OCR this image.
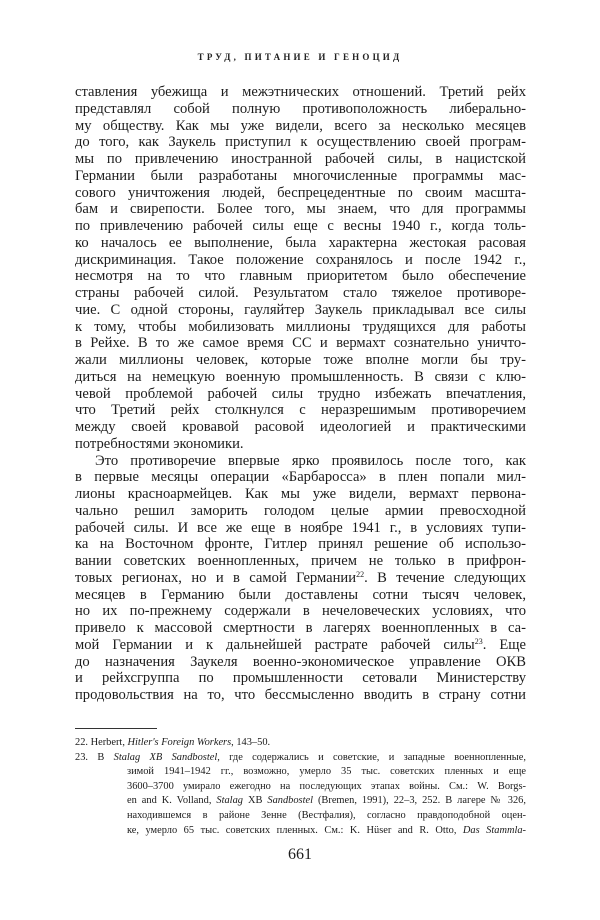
ТРУД, ПИТАНИЕ И ГЕНОЦИД
ставления убежища и межэтнических отношений. Третий рейх
представлял собой полную противоположность либерально-
му обществу. Как мы уже видели, всего за несколько месяцев
до того, как Заукель приступил к осуществлению своей програм-
мы по привлечению иностранной рабочей силы, в нацистской
Германии были разработаны многочисленные программы мас-
сового уничтожения людей, беспрецедентные по своим масшта-
бам и свирепости. Более того, мы знаем, что для программы
по привлечению рабочей силы еще с весны 1940 г., когда толь-
ко началось ее выполнение, была характерна жестокая расовая
дискриминация. Такое положение сохранялось и после 1942 г.,
несмотря на то что главным приоритетом было обеспечение
страны рабочей силой. Результатом стало тяжелое противоре-
чие. С одной стороны, гауляйтер Заукель прикладывал все силы
к тому, чтобы мобилизовать миллионы трудящихся для работы
в Рейхе. В то же самое время СС и вермахт сознательно уничто-
жали миллионы человек, которые тоже вполне могли бы тру-
диться на немецкую военную промышленность. В связи с клю-
чевой проблемой рабочей силы трудно избежать впечатления,
что Третий рейх столкнулся с неразрешимым противоречием
между своей кровавой расовой идеологией и практическими
потребностями экономики.
Это противоречие впервые ярко проявилось после того, как
в первые месяцы операции «Барбаросса» в плен попали мил-
лионы красноармейцев. Как мы уже видели, вермахт первона-
чально решил заморить голодом целые армии превосходной
рабочей силы. И все же еще в ноябре 1941 г., в условиях тупи-
ка на Восточном фронте, Гитлер принял решение об использо-
вании советских военнопленных, причем не только в прифрон-
товых регионах, но и в самой Германии$^{22}$. В течение следующих
месяцев в Германию были доставлены сотни тысяч человек,
но их по-прежнему содержали в нечеловеческих условиях, что
привело к массовой смертности в лагерях военнопленных в са-
мой Германии и к дальнейшей растрате рабочей силы$^{23}$. Еще
до назначения Заукеля военно-экономическое управление ОКВ
и рейхсгруппа по промышленности сетовали Министерству
продовольствия на то, что бессмысленно вводить в страну сотни
22. Herbert, Hitler's Foreign Workers, 143–50.
23. В Stalag XB Sandbostel, где содержались и советские, и западные военнопленные,
зимой 1941–1942 гг., возможно, умерло 35 тыс. советских пленных и еще
3600–3700 умирало ежегодно на последующих этапах войны. См.: W. Borgs-
en and K. Volland, Stalag XB Sandbostel (Bremen, 1991), 22–3, 252. В лагере № 326,
находившемся в районе Зенне (Вестфалия), согласно правдоподобной оцен-
ке, умерло 65 тыс. советских пленных. См.: K. Hüser and R. Otto, Das Stammla-
661
